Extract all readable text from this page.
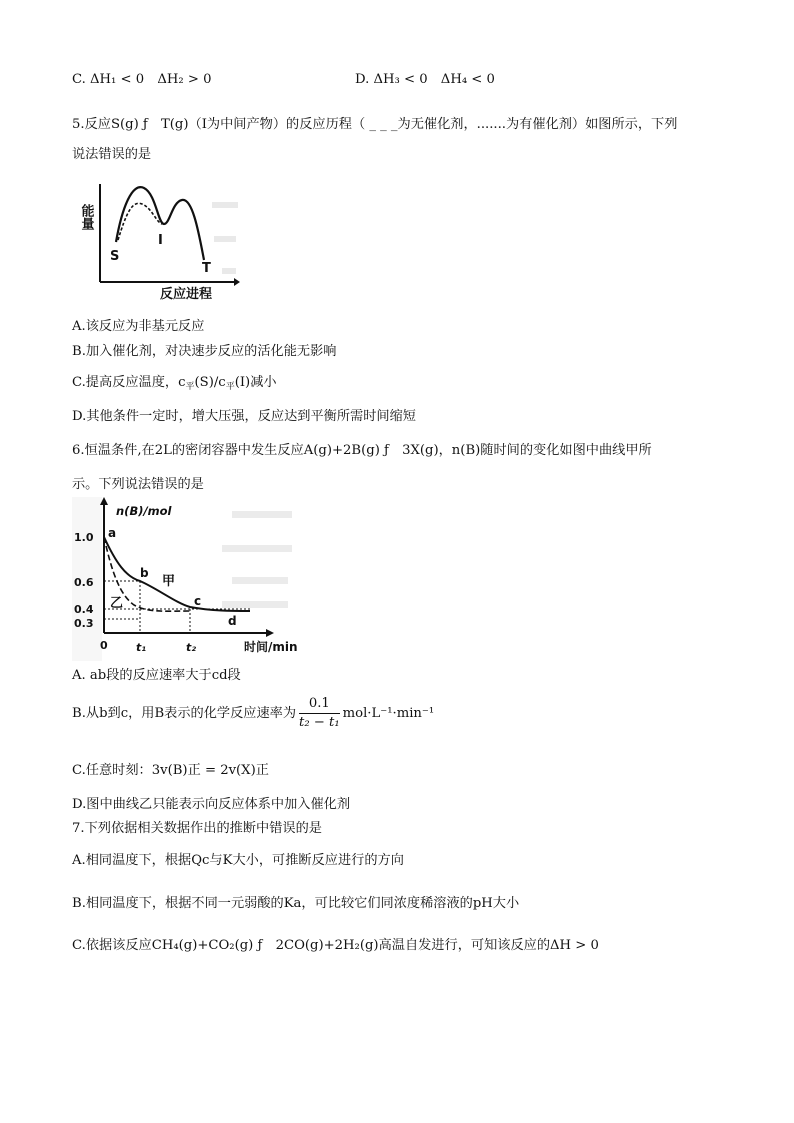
C. ΔH₁ < 0　ΔH₂ > 0	D. ΔH₃ < 0　ΔH₄ < 0
5.反应S(g) ƒ　T(g)（I为中间产物）的反应历程（ _ _ _为无催化剂，.......为有催化剂）如图所示，下列
说法错误的是
能量
S
I
T
反应进程
A.该反应为非基元反应
B.加入催化剂，对决速步反应的活化能无影响
C.提高反应温度，$c_平(S)/c_平(I)$减小
D.其他条件一定时，增大压强，反应达到平衡所需时间缩短
6.恒温条件,在2L的密闭容器中发生反应A(g)+2B(g) ƒ　3X(g)，n(B)随时间的变化如图中曲线甲所
示。下列说法错误的是
n(B)/mol
时间/min
1.0
0.6
0.4
0.3
0
a
b
c
d
甲
乙
t₁	t₂
A. ab段的反应速率大于cd段
B.从b到c，用B表示的化学反应速率为 $\frac{0.1}{\text{t₂ − t₁}} mol\cdot L^{-1}\cdot\min^{-1}$
C.任意时刻：3v(B)正 = 2v(X)正
D.图中曲线乙只能表示向反应体系中加入催化剂
7.下列依据相关数据作出的推断中错误的是
A.相同温度下，根据Qc与K大小，可推断反应进行的方向
B.相同温度下，根据不同一元弱酸的Ka，可比较它们同浓度稀溶液的pH大小
C.依据该反应CH₄(g)+CO₂(g) ƒ　2CO(g)+2H₂(g)高温自发进行，可知该反应的ΔH > 0
